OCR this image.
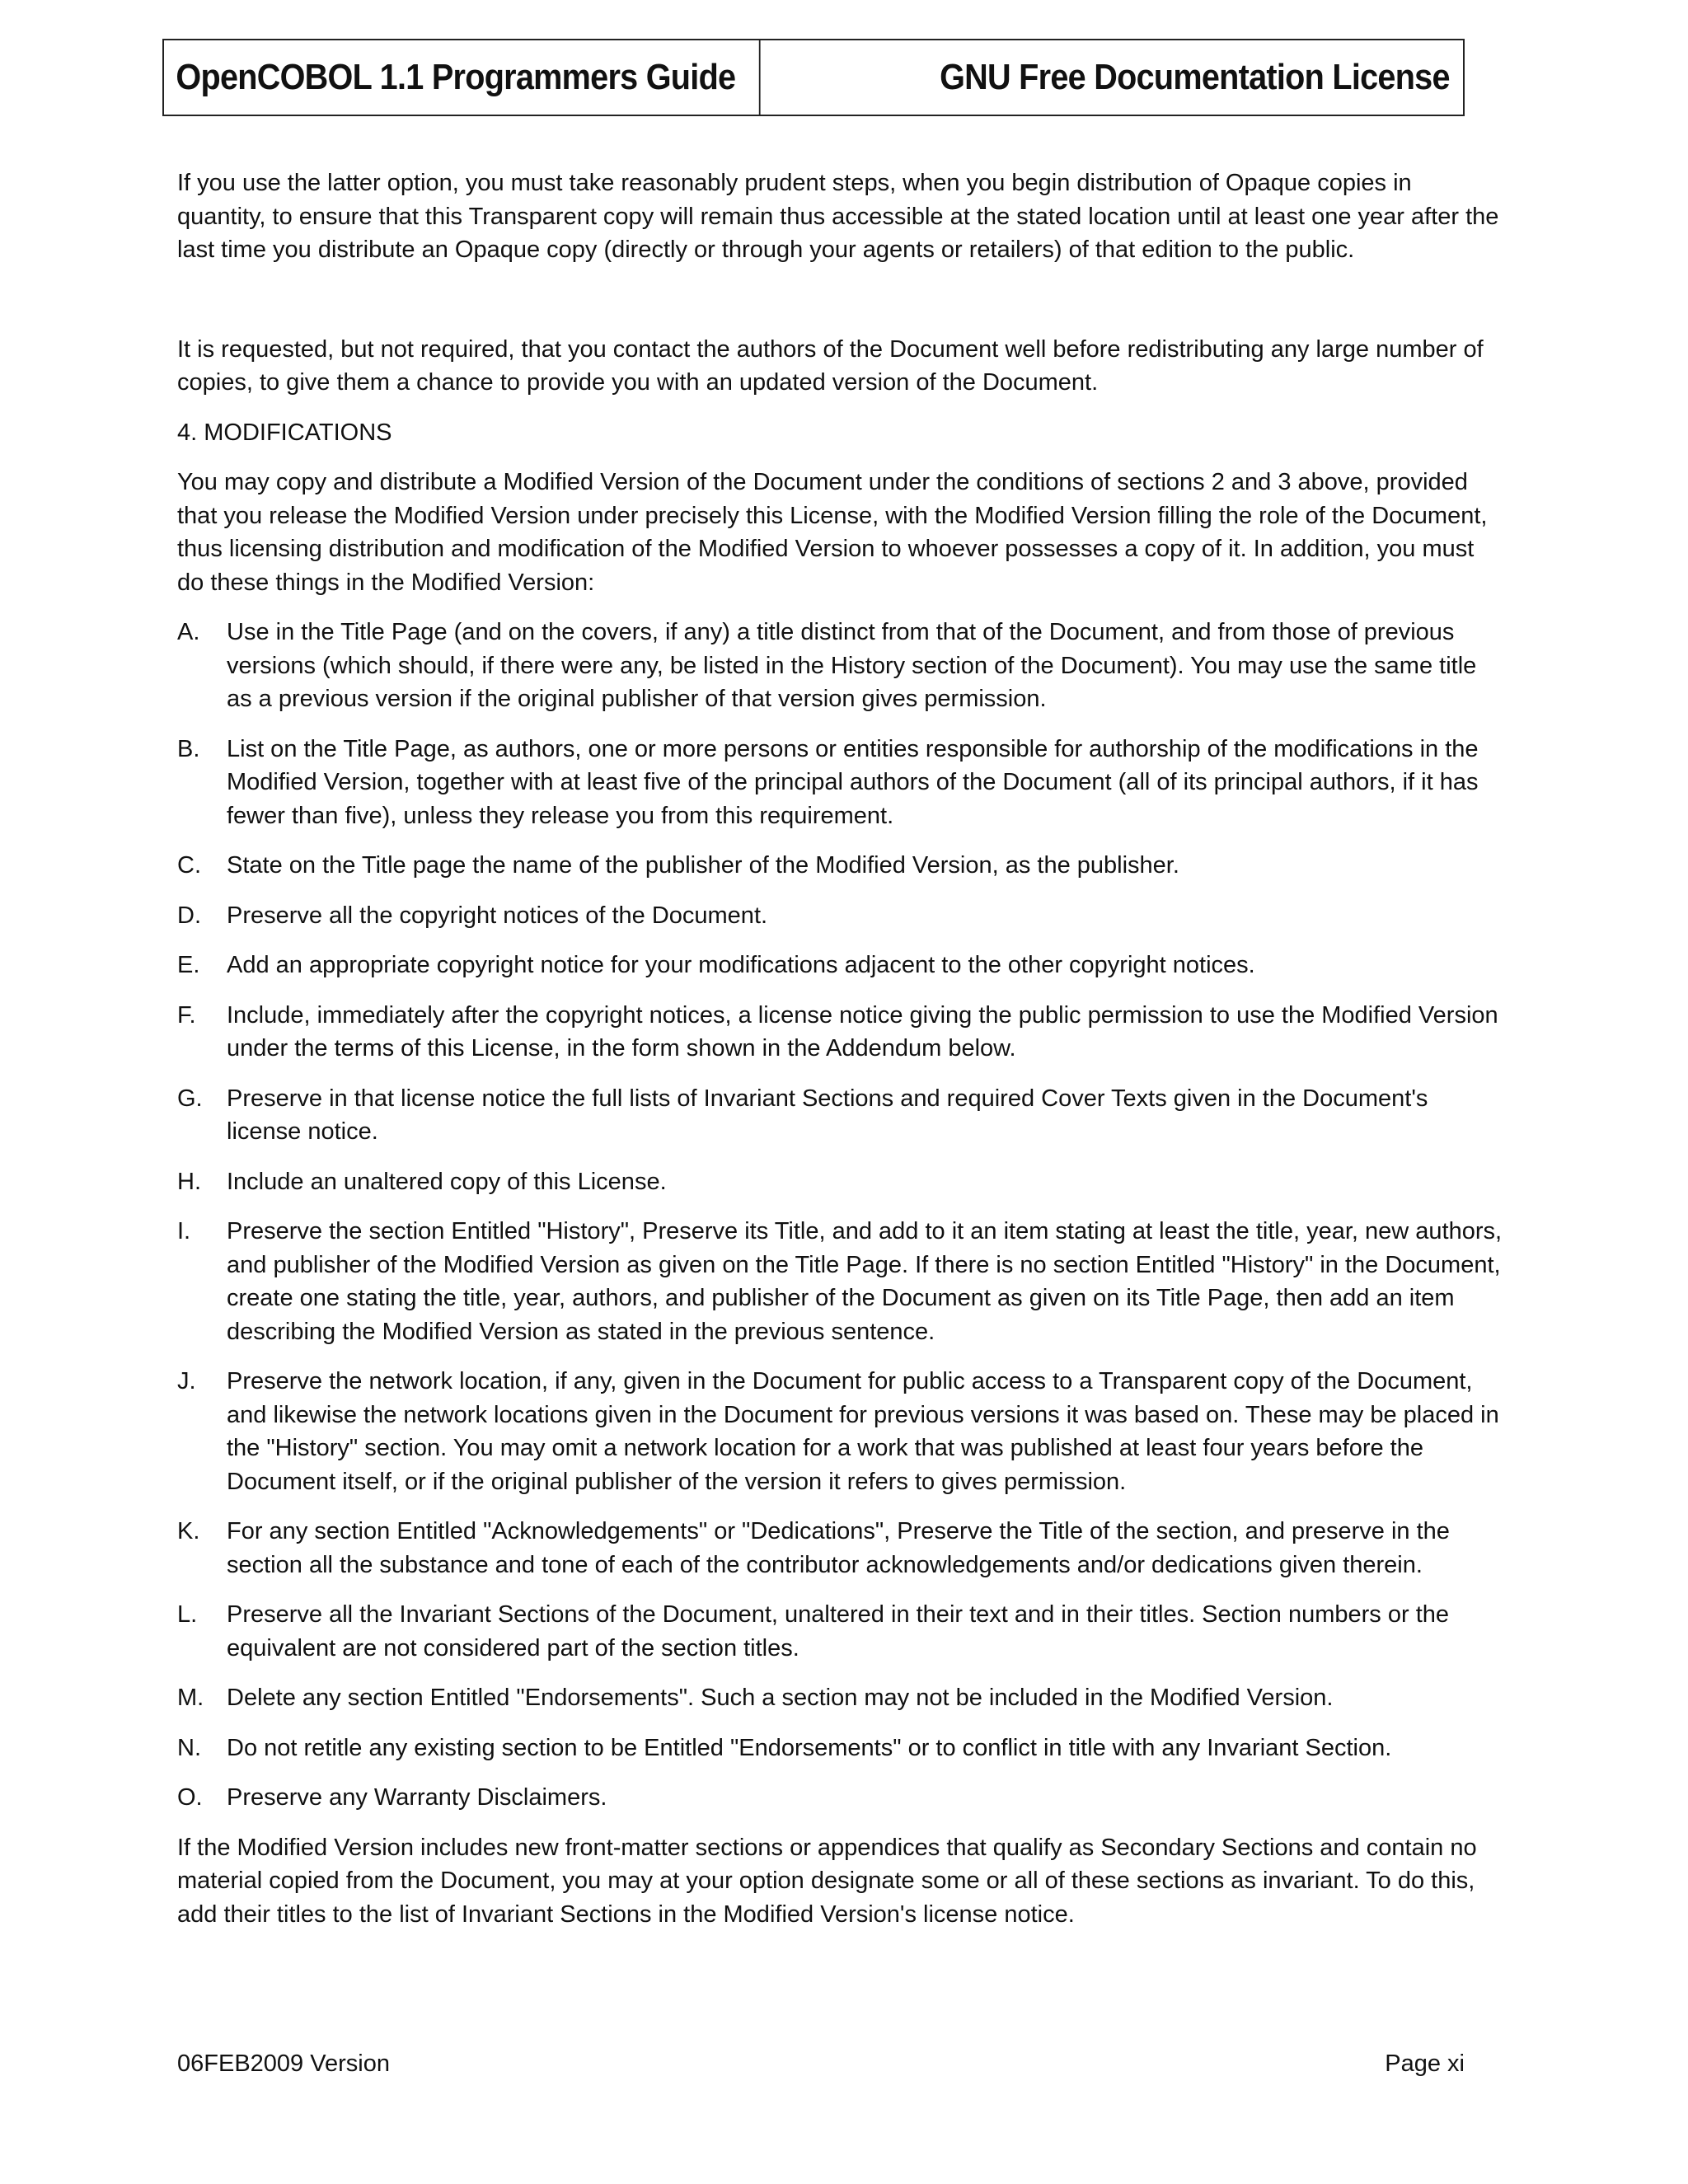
OpenCOBOL 1.1 Programmers Guide	GNU Free Documentation License

If you use the latter option, you must take reasonably prudent steps, when you begin distribution of Opaque copies in quantity, to ensure that this Transparent copy will remain thus accessible at the stated location until at least one year after the last time you distribute an Opaque copy (directly or through your agents or retailers) of that edition to the public.

It is requested, but not required, that you contact the authors of the Document well before redistributing any large number of copies, to give them a chance to provide you with an updated version of the Document.

4. MODIFICATIONS

You may copy and distribute a Modified Version of the Document under the conditions of sections 2 and 3 above, provided that you release the Modified Version under precisely this License, with the Modified Version filling the role of the Document, thus licensing distribution and modification of the Modified Version to whoever possesses a copy of it. In addition, you must do these things in the Modified Version:

A.	Use in the Title Page (and on the covers, if any) a title distinct from that of the Document, and from those of previous versions (which should, if there were any, be listed in the History section of the Document). You may use the same title as a previous version if the original publisher of that version gives permission.
B.	List on the Title Page, as authors, one or more persons or entities responsible for authorship of the modifications in the Modified Version, together with at least five of the principal authors of the Document (all of its principal authors, if it has fewer than five), unless they release you from this requirement.
C.	State on the Title page the name of the publisher of the Modified Version, as the publisher.
D.	Preserve all the copyright notices of the Document.
E.	Add an appropriate copyright notice for your modifications adjacent to the other copyright notices.
F.	Include, immediately after the copyright notices, a license notice giving the public permission to use the Modified Version under the terms of this License, in the form shown in the Addendum below.
G.	Preserve in that license notice the full lists of Invariant Sections and required Cover Texts given in the Document's license notice.
H.	Include an unaltered copy of this License.
I.	Preserve the section Entitled "History", Preserve its Title, and add to it an item stating at least the title, year, new authors, and publisher of the Modified Version as given on the Title Page. If there is no section Entitled "History" in the Document, create one stating the title, year, authors, and publisher of the Document as given on its Title Page, then add an item describing the Modified Version as stated in the previous sentence.
J.	Preserve the network location, if any, given in the Document for public access to a Transparent copy of the Document, and likewise the network locations given in the Document for previous versions it was based on. These may be placed in the "History" section. You may omit a network location for a work that was published at least four years before the Document itself, or if the original publisher of the version it refers to gives permission.
K.	For any section Entitled "Acknowledgements" or "Dedications", Preserve the Title of the section, and preserve in the section all the substance and tone of each of the contributor acknowledgements and/or dedications given therein.
L.	Preserve all the Invariant Sections of the Document, unaltered in their text and in their titles. Section numbers or the equivalent are not considered part of the section titles.
M. Delete any section Entitled "Endorsements". Such a section may not be included in the Modified Version.
N.	Do not retitle any existing section to be Entitled "Endorsements" or to conflict in title with any Invariant Section.
O.	Preserve any Warranty Disclaimers.

If the Modified Version includes new front-matter sections or appendices that qualify as Secondary Sections and contain no material copied from the Document, you may at your option designate some or all of these sections as invariant. To do this, add their titles to the list of Invariant Sections in the Modified Version's license notice.

06FEB2009 Version	Page xi
